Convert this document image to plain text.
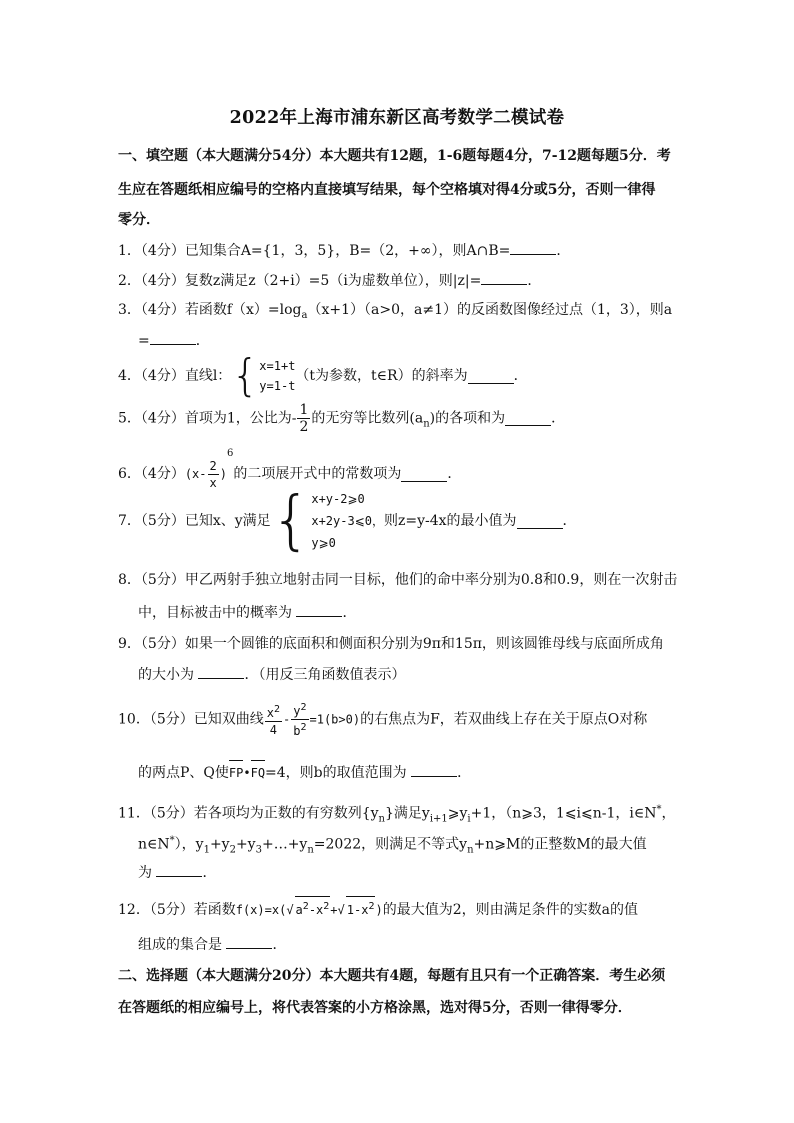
2022年上海市浦东新区高考数学二模试卷
一、填空题（本大题满分54分）本大题共有12题，1-6题每题4分，7-12题每题5分．考
生应在答题纸相应编号的空格内直接填写结果，每个空格填对得4分或5分，否则一律得
零分．
1．（4分）已知集合A={1，3，5}，B=（2，+∞），则A∩B=	．
2．（4分）复数z满足z（2+i）=5（i为虚数单位），则|z|=	．
3．（4分）若函数$f(x)=\log_a(x+1)(a>0$，a≠1）的反函数图像经过点（1，3），则a
=	．
4．（4分）直线l：{ x=1+t
y=1-t
（t为参数，t∈R）的斜率为	．
5．（4分）首项为1，公比为- $\frac{1}{2}$ 的无穷等比数列$(a_n)$的各项和为	．
6．（4分）$(x- \frac{2}{x} )^6$的二项展开式中的常数项为	．
7．（5分）已知x、y满足{ x+y-2⩾0
x+2y-3⩽0，
y⩾0
则z=y-4x的最小值为	．
8．（5分）甲乙两射手独立地射击同一目标，他们的命中率分别为0.8和0.9，则在一次射击
中，目标被击中的概率为	．
9．（5分）如果一个圆锥的底面积和侧面积分别为9π和15π，则该圆锥母线与底面所成角
的大小为	．（用反三角函数值表示）
10．（5分）已知双曲线 $\frac{x^2}{4} - \frac{y^2}{b^2} =1(b>0)$的右焦点为F，若双曲线上存在关于原点O对称
的两点P、Q使FP•FQ=4，则b的取值范围为	．
11．（5分）若各项均为正数的有穷数列$\{y_n\}$满足$y_{i+1}⩾y_i+1$，（n⩾3，1⩽i⩽n-1，i∈N*，
n∈N*），$y_1+y_2+y_3+\dots+y_n=2022$，则满足不等式$y_n+n⩾M$的正整数M的最大值
为	．
12．（5分）若函数f(x)=x(√ $a^2-x^2+√$ $1-x^2$)的最大值为2，则由满足条件的实数a的值
组成的集合是	．
二、选择题（本大题满分20分）本大题共有4题，每题有且只有一个正确答案．考生必须
在答题纸的相应编号上，将代表答案的小方格涂黑，选对得5分，否则一律得零分．
